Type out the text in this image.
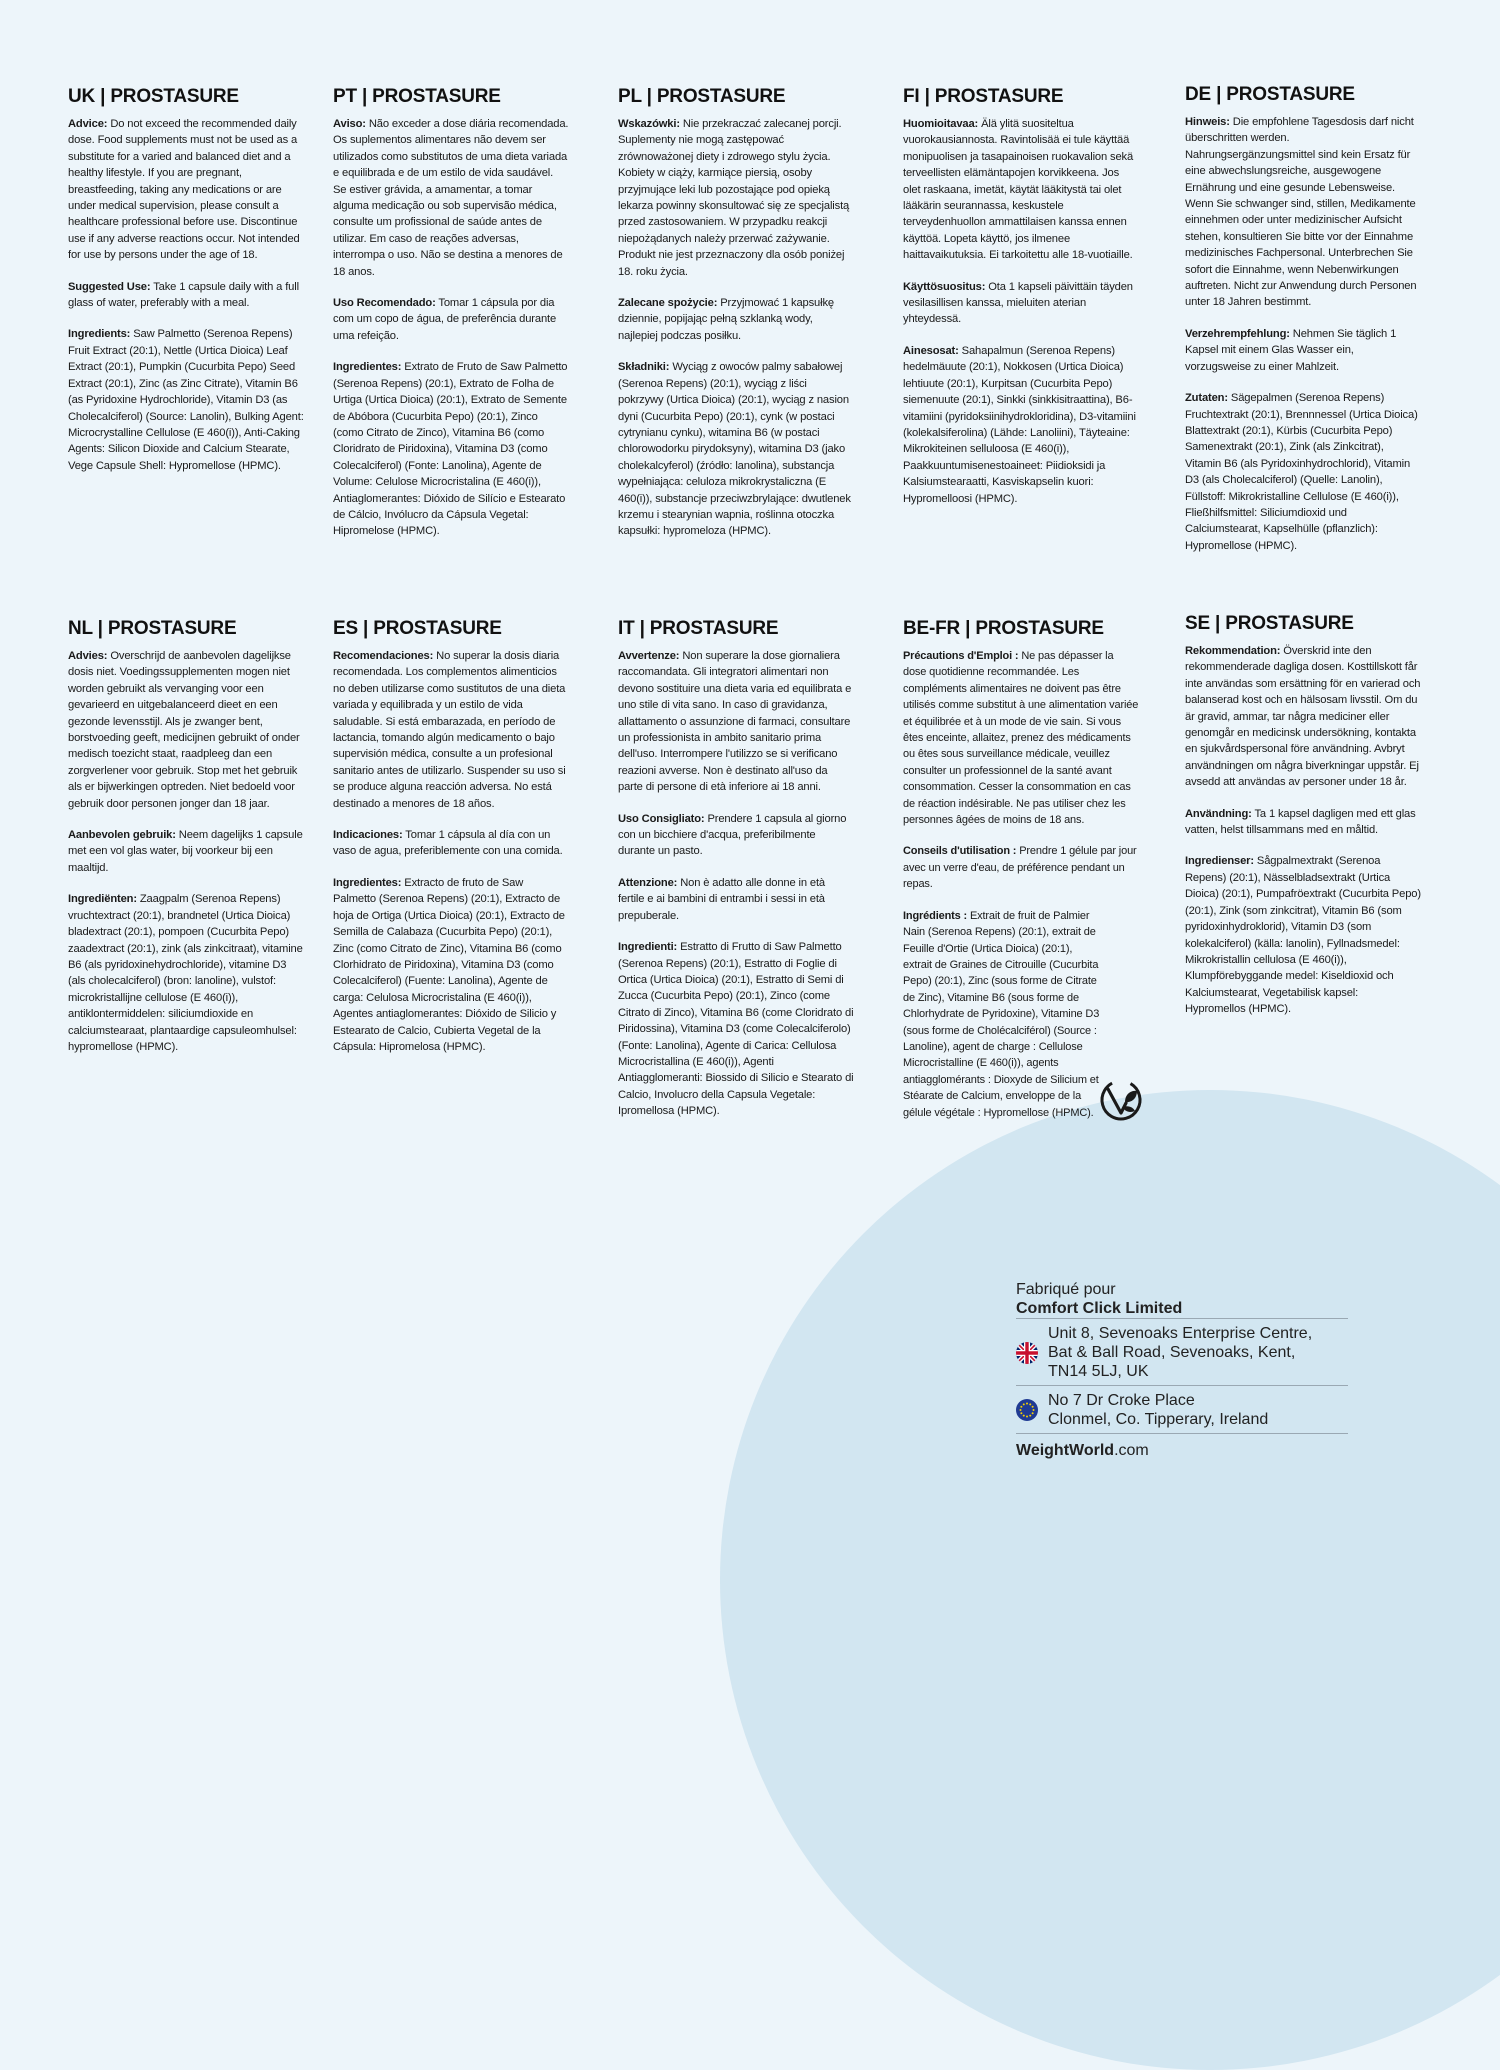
UK | PROSTASURE

Advice: Do not exceed the recommended daily dose. Food supplements must not be used as a substitute for a varied and balanced diet and a healthy lifestyle. If you are pregnant, breastfeeding, taking any medications or are under medical supervision, please consult a healthcare professional before use. Discontinue use if any adverse reactions occur. Not intended for use by persons under the age of 18.

Suggested Use: Take 1 capsule daily with a full glass of water, preferably with a meal.

Ingredients: Saw Palmetto (Serenoa Repens) Fruit Extract (20:1), Nettle (Urtica Dioica) Leaf Extract (20:1), Pumpkin (Cucurbita Pepo) Seed Extract (20:1), Zinc (as Zinc Citrate), Vitamin B6 (as Pyridoxine Hydrochloride), Vitamin D3 (as Cholecalciferol) (Source: Lanolin), Bulking Agent: Microcrystalline Cellulose (E 460(i)), Anti-Caking Agents: Silicon Dioxide and Calcium Stearate, Vege Capsule Shell: Hypromellose (HPMC).

PT | PROSTASURE

Aviso: Não exceder a dose diária recomendada. Os suplementos alimentares não devem ser utilizados como substitutos de uma dieta variada e equilibrada e de um estilo de vida saudável. Se estiver grávida, a amamentar, a tomar alguma medicação ou sob supervisão médica, consulte um profissional de saúde antes de utilizar. Em caso de reações adversas, interrompa o uso. Não se destina a menores de 18 anos.

Uso Recomendado: Tomar 1 cápsula por dia com um copo de água, de preferência durante uma refeição.

Ingredientes: Extrato de Fruto de Saw Palmetto (Serenoa Repens) (20:1), Extrato de Folha de Urtiga (Urtica Dioica) (20:1), Extrato de Semente de Abóbora (Cucurbita Pepo) (20:1), Zinco (como Citrato de Zinco), Vitamina B6 (como Cloridrato de Piridoxina), Vitamina D3 (como Colecalciferol) (Fonte: Lanolina), Agente de Volume: Celulose Microcristalina (E 460(i)), Antiaglomerantes: Dióxido de Silício e Estearato de Cálcio, Invólucro da Cápsula Vegetal: Hipromelose (HPMC).

PL | PROSTASURE

Wskazówki: Nie przekraczać zalecanej porcji. Suplementy nie mogą zastępować zrównoważonej diety i zdrowego stylu życia. Kobiety w ciąży, karmiące piersią, osoby przyjmujące leki lub pozostające pod opieką lekarza powinny skonsultować się ze specjalistą przed zastosowaniem. W przypadku reakcji niepożądanych należy przerwać zażywanie. Produkt nie jest przeznaczony dla osób poniżej 18. roku życia.

Zalecane spożycie: Przyjmować 1 kapsułkę dziennie, popijając pełną szklanką wody, najlepiej podczas posiłku.

Składniki: Wyciąg z owoców palmy sabałowej (Serenoa Repens) (20:1), wyciąg z liści pokrzywy (Urtica Dioica) (20:1), wyciąg z nasion dyni (Cucurbita Pepo) (20:1), cynk (w postaci cytrynianu cynku), witamina B6 (w postaci chlorowodorku pirydoksyny), witamina D3 (jako cholekalcyferol) (źródło: lanolina), substancja wypełniająca: celuloza mikrokrystaliczna (E 460(i)), substancje przeciwzbrylające: dwutlenek krzemu i stearynian wapnia, roślinna otoczka kapsułki: hypromeloza (HPMC).

FI | PROSTASURE

Huomioitavaa: Älä ylitä suositeltua vuorokausiannosta. Ravintolisää ei tule käyttää monipuolisen ja tasapainoisen ruokavalion sekä terveellisten elämäntapojen korvikkeena. Jos olet raskaana, imetät, käytät lääkitystä tai olet lääkärin seurannassa, keskustele terveydenhuollon ammattilaisen kanssa ennen käyttöä. Lopeta käyttö, jos ilmenee haittavaikutuksia. Ei tarkoitettu alle 18-vuotiaille.

Käyttösuositus: Ota 1 kapseli päivittäin täyden vesilasillisen kanssa, mieluiten aterian yhteydessä.

Ainesosat: Sahapalmun (Serenoa Repens) hedelmäuute (20:1), Nokkosen (Urtica Dioica) lehtiuute (20:1), Kurpitsan (Cucurbita Pepo) siemenuute (20:1), Sinkki (sinkkisitraattina), B6-vitamiini (pyridoksiinihydrokloridina), D3-vitamiini (kolekalsiferolina) (Lähde: Lanoliini), Täyteaine: Mikrokiteinen selluloosa (E 460(i)), Paakkuuntumisenestoaineet: Piidioksidi ja Kalsiumstearaatti, Kasviskapselin kuori: Hypromelloosi (HPMC).

DE | PROSTASURE

Hinweis: Die empfohlene Tagesdosis darf nicht überschritten werden. Nahrungsergänzungsmittel sind kein Ersatz für eine abwechslungsreiche, ausgewogene Ernährung und eine gesunde Lebensweise. Wenn Sie schwanger sind, stillen, Medikamente einnehmen oder unter medizinischer Aufsicht stehen, konsultieren Sie bitte vor der Einnahme medizinisches Fachpersonal. Unterbrechen Sie sofort die Einnahme, wenn Nebenwirkungen auftreten. Nicht zur Anwendung durch Personen unter 18 Jahren bestimmt.

Verzehrempfehlung: Nehmen Sie täglich 1 Kapsel mit einem Glas Wasser ein, vorzugsweise zu einer Mahlzeit.

Zutaten: Sägepalmen (Serenoa Repens) Fruchtextrakt (20:1), Brennnessel (Urtica Dioica) Blattextrakt (20:1), Kürbis (Cucurbita Pepo) Samenextrakt (20:1), Zink (als Zinkcitrat), Vitamin B6 (als Pyridoxinhydrochlorid), Vitamin D3 (als Cholecalciferol) (Quelle: Lanolin), Füllstoff: Mikrokristalline Cellulose (E 460(i)), Fließhilfsmittel: Siliciumdioxid und Calciumstearat, Kapselhülle (pflanzlich): Hypromellose (HPMC).

NL | PROSTASURE

Advies: Overschrijd de aanbevolen dagelijkse dosis niet. Voedingssupplementen mogen niet worden gebruikt als vervanging voor een gevarieerd en uitgebalanceerd dieet en een gezonde levensstijl. Als je zwanger bent, borstvoeding geeft, medicijnen gebruikt of onder medisch toezicht staat, raadpleeg dan een zorgverlener voor gebruik. Stop met het gebruik als er bijwerkingen optreden. Niet bedoeld voor gebruik door personen jonger dan 18 jaar.

Aanbevolen gebruik: Neem dagelijks 1 capsule met een vol glas water, bij voorkeur bij een maaltijd.

Ingrediënten: Zaagpalm (Serenoa Repens) vruchtextract (20:1), brandnetel (Urtica Dioica) bladextract (20:1), pompoen (Cucurbita Pepo) zaadextract (20:1), zink (als zinkcitraat), vitamine B6 (als pyridoxinehydrochloride), vitamine D3 (als cholecalciferol) (bron: lanoline), vulstof: microkristallijne cellulose (E 460(i)), antiklontermiddelen: siliciumdioxide en calciumstearaat, plantaardige capsuleomhulsel: hypromellose (HPMC).

ES | PROSTASURE

Recomendaciones: No superar la dosis diaria recomendada. Los complementos alimenticios no deben utilizarse como sustitutos de una dieta variada y equilibrada y un estilo de vida saludable. Si está embarazada, en período de lactancia, tomando algún medicamento o bajo supervisión médica, consulte a un profesional sanitario antes de utilizarlo. Suspender su uso si se produce alguna reacción adversa. No está destinado a menores de 18 años.

Indicaciones: Tomar 1 cápsula al día con un vaso de agua, preferiblemente con una comida.

Ingredientes: Extracto de fruto de Saw Palmetto (Serenoa Repens) (20:1), Extracto de hoja de Ortiga (Urtica Dioica) (20:1), Extracto de Semilla de Calabaza (Cucurbita Pepo) (20:1), Zinc (como Citrato de Zinc), Vitamina B6 (como Clorhidrato de Piridoxina), Vitamina D3 (como Colecalciferol) (Fuente: Lanolina), Agente de carga: Celulosa Microcristalina (E 460(i)), Agentes antiaglomerantes: Dióxido de Silicio y Estearato de Calcio, Cubierta Vegetal de la Cápsula: Hipromelosa (HPMC).

IT | PROSTASURE

Avvertenze: Non superare la dose giornaliera raccomandata. Gli integratori alimentari non devono sostituire una dieta varia ed equilibrata e uno stile di vita sano. In caso di gravidanza, allattamento o assunzione di farmaci, consultare un professionista in ambito sanitario prima dell'uso. Interrompere l'utilizzo se si verificano reazioni avverse. Non è destinato all'uso da parte di persone di età inferiore ai 18 anni.

Uso Consigliato: Prendere 1 capsula al giorno con un bicchiere d'acqua, preferibilmente durante un pasto.

Attenzione: Non è adatto alle donne in età fertile e ai bambini di entrambi i sessi in età prepuberale.

Ingredienti: Estratto di Frutto di Saw Palmetto (Serenoa Repens) (20:1), Estratto di Foglie di Ortica (Urtica Dioica) (20:1), Estratto di Semi di Zucca (Cucurbita Pepo) (20:1), Zinco (come Citrato di Zinco), Vitamina B6 (come Cloridrato di Piridossina), Vitamina D3 (come Colecalciferolo) (Fonte: Lanolina), Agente di Carica: Cellulosa Microcristallina (E 460(i)), Agenti Antiagglomeranti: Biossido di Silicio e Stearato di Calcio, Involucro della Capsula Vegetale: Ipromellosa (HPMC).

BE-FR | PROSTASURE

Précautions d'Emploi : Ne pas dépasser la dose quotidienne recommandée. Les compléments alimentaires ne doivent pas être utilisés comme substitut à une alimentation variée et équilibrée et à un mode de vie sain. Si vous êtes enceinte, allaitez, prenez des médicaments ou êtes sous surveillance médicale, veuillez consulter un professionnel de la santé avant consommation. Cesser la consommation en cas de réaction indésirable. Ne pas utiliser chez les personnes âgées de moins de 18 ans.

Conseils d'utilisation : Prendre 1 gélule par jour avec un verre d'eau, de préférence pendant un repas.

Ingrédients : Extrait de fruit de Palmier Nain (Serenoa Repens) (20:1), extrait de Feuille d'Ortie (Urtica Dioica) (20:1), extrait de Graines de Citrouille (Cucurbita Pepo) (20:1), Zinc (sous forme de Citrate de Zinc), Vitamine B6 (sous forme de Chlorhydrate de Pyridoxine), Vitamine D3 (sous forme de Cholécalciférol) (Source : Lanoline), agent de charge : Cellulose Microcristalline (E 460(i)), agents antiagglomérants : Dioxyde de Silicium et Stéarate de Calcium, enveloppe de la gélule végétale : Hypromellose (HPMC).

SE | PROSTASURE

Rekommendation: Överskrid inte den rekommenderade dagliga dosen. Kosttillskott får inte användas som ersättning för en varierad och balanserad kost och en hälsosam livsstil. Om du är gravid, ammar, tar några mediciner eller genomgår en medicinsk undersökning, kontakta en sjukvårdspersonal före användning. Avbryt användningen om några biverkningar uppstår. Ej avsedd att användas av personer under 18 år.

Användning: Ta 1 kapsel dagligen med ett glas vatten, helst tillsammans med en måltid.

Ingredienser: Sågpalmextrakt (Serenoa Repens) (20:1), Nässelbladsextrakt (Urtica Dioica) (20:1), Pumpafröextrakt (Cucurbita Pepo) (20:1), Zink (som zinkcitrat), Vitamin B6 (som pyridoxinhydroklorid), Vitamin D3 (som kolekalciferol) (källa: lanolin), Fyllnadsmedel: Mikrokristallin cellulosa (E 460(i)), Klumpförebyggande medel: Kiseldioxid och Kalciumstearat, Vegetabilisk kapsel: Hypromellos (HPMC).

Fabriqué pour
Comfort Click Limited
Unit 8, Sevenoaks Enterprise Centre,
Bat & Ball Road, Sevenoaks, Kent,
TN14 5LJ, UK
No 7 Dr Croke Place
Clonmel, Co. Tipperary, Ireland
WeightWorld.com
